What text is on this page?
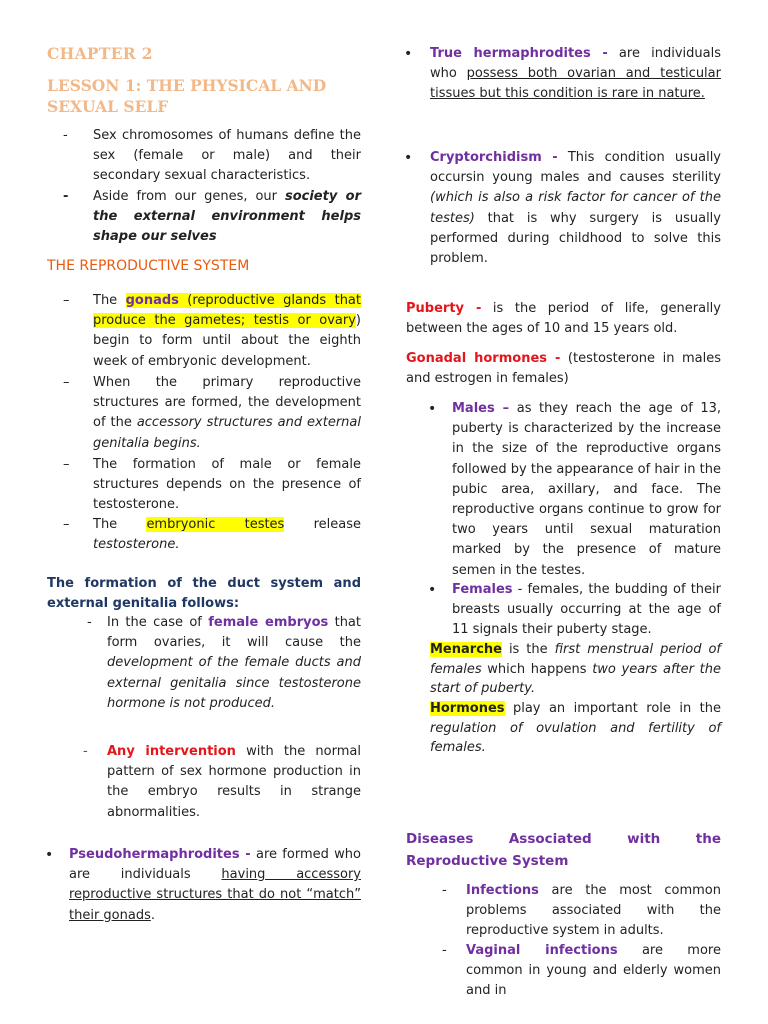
CHAPTER 2
LESSON 1: THE PHYSICAL AND SEXUAL SELF
- Sex chromosomes of humans define the sex (female or male) and their secondary sexual characteristics.
- Aside from our genes, our society or the external environment helps shape our selves
THE REPRODUCTIVE SYSTEM
– The gonads (reproductive glands that produce the gametes; testis or ovary) begin to form until about the eighth week of embryonic development.
– When the primary reproductive structures are formed, the development of the accessory structures and external genitalia begins.
– The formation of male or female structures depends on the presence of testosterone.
– The embryonic testes release testosterone.
The formation of the duct system and external genitalia follows:
- In the case of female embryos that form ovaries, it will cause the development of the female ducts and external genitalia since testosterone hormone is not produced.
- Any intervention with the normal pattern of sex hormone production in the embryo results in strange abnormalities.
• Pseudohermaphrodites - are formed who are individuals having accessory reproductive structures that do not “match” their gonads.
• True hermaphrodites - are individuals who possess both ovarian and testicular tissues but this condition is rare in nature.
• Cryptorchidism - This condition usually occursin young males and causes sterility (which is also a risk factor for cancer of the testes) that is why surgery is usually performed during childhood to solve this problem.
Puberty - is the period of life, generally between the ages of 10 and 15 years old.
Gonadal hormones - (testosterone in males and estrogen in females)
• Males – as they reach the age of 13, puberty is characterized by the increase in the size of the reproductive organs followed by the appearance of hair in the pubic area, axillary, and face. The reproductive organs continue to grow for two years until sexual maturation marked by the presence of mature semen in the testes.
• Females - females, the budding of their breasts usually occurring at the age of 11 signals their puberty stage.
Menarche is the first menstrual period of females which happens two years after the start of puberty.
Hormones play an important role in the regulation of ovulation and fertility of females.
Diseases Associated with the Reproductive System
- Infections are the most common problems associated with the reproductive system in adults.
- Vaginal infections are more common in young and elderly women and in
